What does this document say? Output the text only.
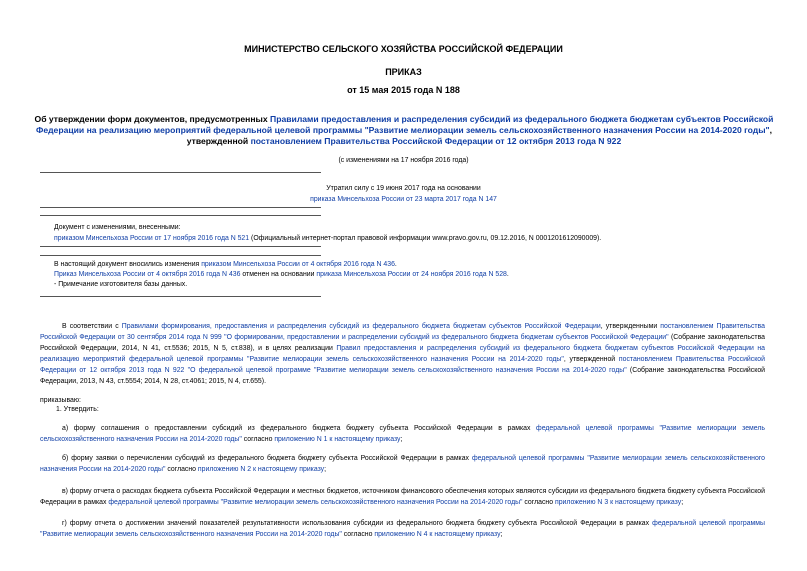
МИНИСТЕРСТВО СЕЛЬСКОГО ХОЗЯЙСТВА РОССИЙСКОЙ ФЕДЕРАЦИИ
ПРИКАЗ
от 15 мая 2015 года N 188
Об утверждении форм документов, предусмотренных Правилами предоставления и распределения субсидий из федерального бюджета бюджетам субъектов Российской Федерации на реализацию мероприятий федеральной целевой программы "Развитие мелиорации земель сельскохозяйственного назначения России на 2014-2020 годы", утвержденной постановлением Правительства Российской Федерации от 12 октября 2013 года N 922
(с изменениями на 17 ноября 2016 года)
Утратил силу с 19 июня 2017 года на основании
приказа Минсельхоза России от 23 марта 2017 года N 147
Документ с изменениями, внесенными:
приказом Минсельхоза России от 17 ноября 2016 года N 521 (Официальный интернет-портал правовой информации www.pravo.gov.ru, 09.12.2016, N 0001201612090009).
В настоящий документ вносились изменения приказом Минсельхоза России от 4 октября 2016 года N 436.
Приказ Минсельхоза России от 4 октября 2016 года N 436 отменен на основании приказа Минсельхоза России от 24 ноября 2016 года N 528.
- Примечание изготовителя базы данных.
В соответствии с Правилами формирования, предоставления и распределения субсидий из федерального бюджета бюджетам субъектов Российской Федерации, утвержденными постановлением Правительства Российской Федерации от 30 сентября 2014 года N 999 "О формировании, предоставлении и распределении субсидий из федерального бюджета бюджетам субъектов Российской Федерации" (Собрание законодательства Российской Федерации, 2014, N 41, ст.5536; 2015, N 5, ст.838), и в целях реализации Правил предоставления и распределения субсидий из федерального бюджета бюджетам субъектов Российской Федерации на реализацию мероприятий федеральной целевой программы "Развитие мелиорации земель сельскохозяйственного назначения России на 2014-2020 годы", утвержденной постановлением Правительства Российской Федерации от 12 октября 2013 года N 922 "О федеральной целевой программе "Развитие мелиорации земель сельскохозяйственного назначения России на 2014-2020 годы" (Собрание законодательства Российской Федерации, 2013, N 43, ст.5554; 2014, N 28, ст.4061; 2015, N 4, ст.655).
приказываю:
1. Утвердить:
а) форму соглашения о предоставлении субсидий из федерального бюджета бюджету субъекта Российской Федерации в рамках федеральной целевой программы "Развитие мелиорации земель сельскохозяйственного назначения России на 2014-2020 годы" согласно приложению N 1 к настоящему приказу;
б) форму заявки о перечислении субсидий из федерального бюджета бюджету субъекта Российской Федерации в рамках федеральной целевой программы "Развитие мелиорации земель сельскохозяйственного назначения России на 2014-2020 годы" согласно приложению N 2 к настоящему приказу;
в) форму отчета о расходах бюджета субъекта Российской Федерации и местных бюджетов, источником финансового обеспечения которых являются субсидии из федерального бюджета бюджету субъекта Российской Федерации в рамках федеральной целевой программы "Развитие мелиорации земель сельскохозяйственного назначения России на 2014-2020 годы" согласно приложению N 3 к настоящему приказу;
г) форму отчета о достижении значений показателей результативности использования субсидии из федерального бюджета бюджету субъекта Российской Федерации в рамках федеральной целевой программы "Развитие мелиорации земель сельскохозяйственного назначения России на 2014-2020 годы" согласно приложению N 4 к настоящему приказу;
